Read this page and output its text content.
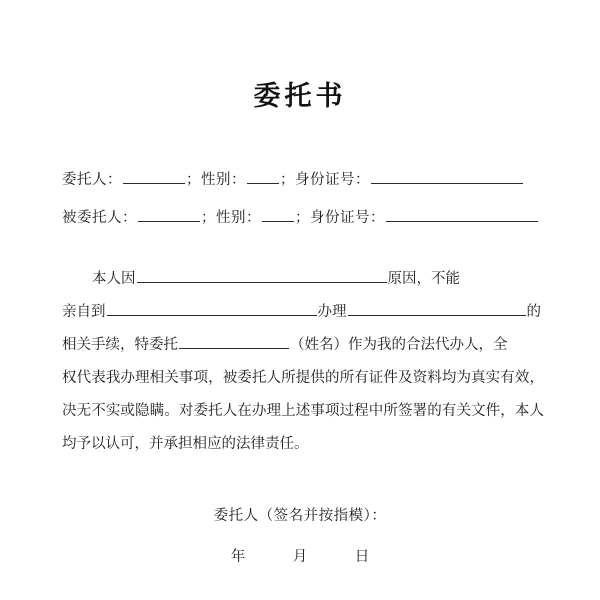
委托书
委托人：	；性别： ；身份证号：
被委托人：	；性别： ；身份证号：
本人因	原因，不能
亲自到	办理	的
相关手续，特委托	（姓名）作为我的合法代办人，全
权代表我办理相关事项，被委托人所提供的所有证件及资料均为真实有效，决无不实或隐瞒。对委托人在办理上述事项过程中所签署的有关文件，本人均予以认可，并承担相应的法律责任。
委托人（签名并按指模）：
年	月	日
